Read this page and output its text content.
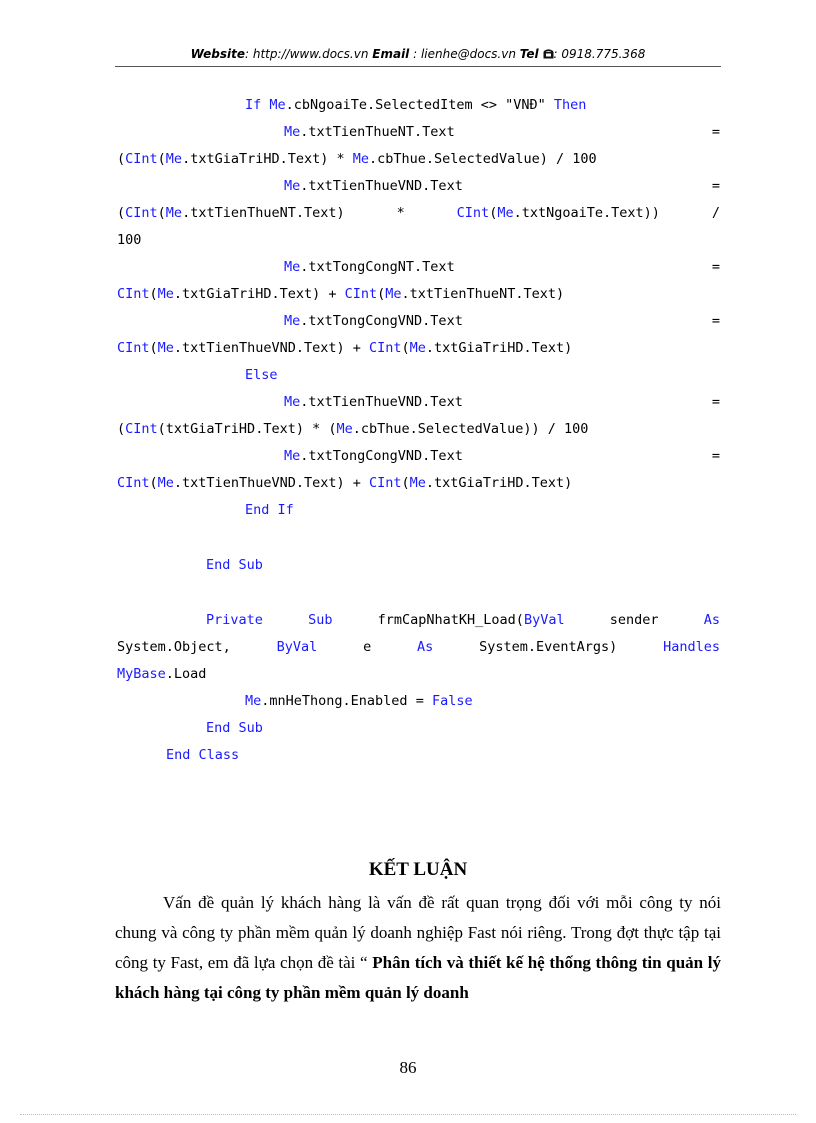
Website: http://www.docs.vn Email : lienhe@docs.vn Tel : 0918.775.368
If Me.cbNgoaiTe.SelectedItem <> "VNĐ" Then
Me.txtTienThueNT.Text	=
(CInt(Me.txtGiaTriHD.Text) * Me.cbThue.SelectedValue) / 100
Me.txtTienThueVND.Text	=
(CInt(Me.txtTienThueNT.Text)	*	CInt(Me.txtNgoaiTe.Text))	/
100
Me.txtTongCongNT.Text	=
CInt(Me.txtGiaTriHD.Text) + CInt(Me.txtTienThueNT.Text)
Me.txtTongCongVND.Text	=
CInt(Me.txtTienThueVND.Text) + CInt(Me.txtGiaTriHD.Text)
Else
Me.txtTienThueVND.Text	=
(CInt(txtGiaTriHD.Text) * (Me.cbThue.SelectedValue)) / 100
Me.txtTongCongVND.Text	=
CInt(Me.txtTienThueVND.Text) + CInt(Me.txtGiaTriHD.Text)
End If
End Sub
Private	Sub	frmCapNhatKH_Load(ByVal	sender	As
System.Object,	ByVal	e	As	System.EventArgs)	Handles
MyBase.Load
Me.mnHeThong.Enabled = False
End Sub
End Class
KẾT LUẬN

Vấn đề quản lý khách hàng là vấn đề rất quan trọng đối với mỗi công ty nói chung và công ty phần mềm quản lý doanh nghiệp Fast nói riêng. Trong đợt thực tập tại công ty Fast, em đã lựa chọn đề tài “ Phân tích và thiết kế hệ thống thông tin quản lý khách hàng tại công ty phần mềm quản lý doanh

86
